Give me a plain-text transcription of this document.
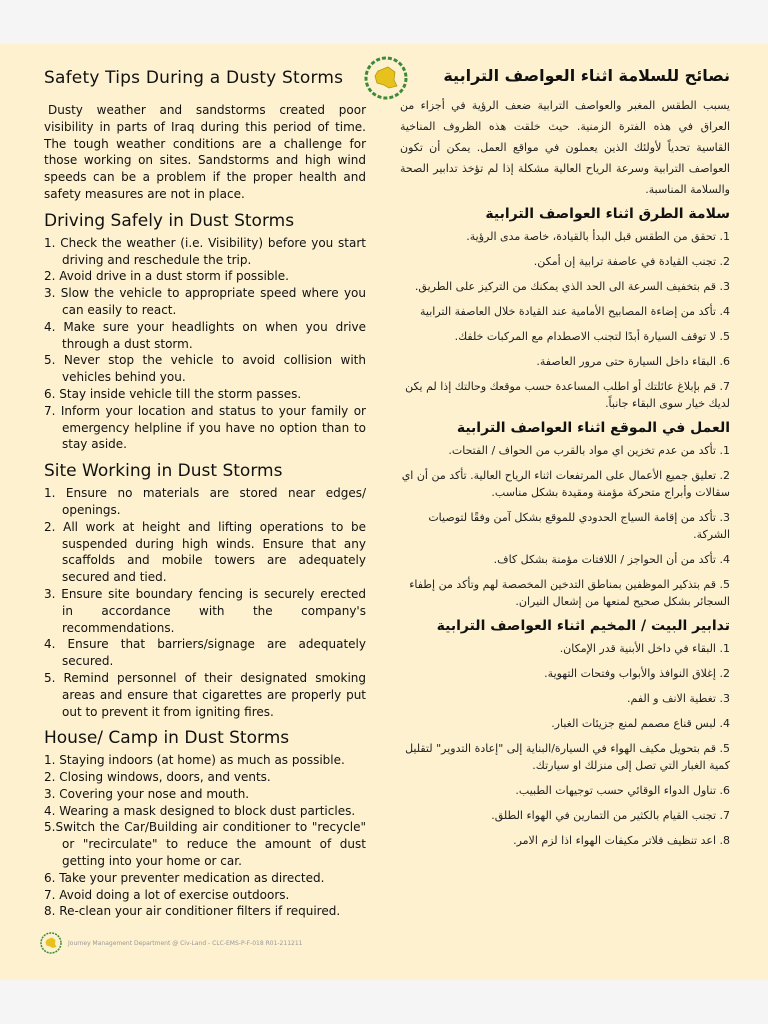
Safety Tips During a Dusty Storms

Dusty weather and sandstorms created poor visibility in parts of Iraq during this period of time. The tough weather conditions are a challenge for those working on sites. Sandstorms and high wind speeds can be a problem if the proper health and safety measures are not in place.

Driving Safely in Dust Storms
1. Check the weather (i.e. Visibility) before you start driving and reschedule the trip.
2. Avoid drive in a dust storm if possible.
3. Slow the vehicle to appropriate speed where you can easily to react.
4. Make sure your headlights on when you drive through a dust storm.
5. Never stop the vehicle to avoid collision with vehicles behind you.
6. Stay inside vehicle till the storm passes.
7. Inform your location and status to your family or emergency helpline if you have no option than to stay aside.
Site Working in Dust Storms
1. Ensure no materials are stored near edges/ openings.
2. All work at height and lifting operations to be suspended during high winds. Ensure that any scaffolds and mobile towers are adequately secured and tied.
3. Ensure site boundary fencing is securely erected in accordance with the company's recommendations.
4. Ensure that barriers/signage are adequately secured.
5. Remind personnel of their designated smoking areas and ensure that cigarettes are properly put out to prevent it from igniting fires.
House/ Camp in Dust Storms
1. Staying indoors (at home) as much as possible.
2. Closing windows, doors, and vents.
3. Covering your nose and mouth.
4. Wearing a mask designed to block dust particles.
5.Switch the Car/Building air conditioner to "recycle" or "recirculate" to reduce the amount of dust getting into your home or car.
6. Take your preventer medication as directed.
7. Avoid doing a lot of exercise outdoors.
8. Re-clean your air conditioner filters if required.
نصائح للسلامة اثناء العواصف الترابية

يسبب الطقس المغبر والعواصف الترابية ضعف الرؤية في أجزاء من العراق في هذه الفترة الزمنية. حيث خلقت هذه الظروف المناخية القاسية تحدياً لأولئك الذين يعملون في مواقع العمل. يمكن أن تكون العواصف الترابية وسرعة الرياح العالية مشكلة إذا لم تؤخذ تدابير الصحة والسلامة المناسبة.

سلامة الطرق اثناء العواصف الترابية
1. تحقق من الطقس قبل البدأ بالقيادة، خاصة مدى الرؤية.
2. تجنب القيادة في عاصفة ترابية إن أمكن.
3. قم بتخفيف السرعة الى الحد الذي يمكنك من التركيز على الطريق.
4. تأكد من إضاءة المصابيح الأمامية عند القيادة خلال العاصفة الترابية
5. لا توقف السيارة أبدًا لتجنب الاصطدام مع المركبات خلفك.
6. البقاء داخل السيارة حتى مرور العاصفة.
7. قم بإبلاغ عائلتك أو اطلب المساعدة حسب موقعك وحالتك إذا لم يكن لديك خيار سوى البقاء جانباً.
العمل في الموقع اثناء العواصف الترابية
1. تأكد من عدم تخزين اي مواد بالقرب من الحواف / الفتحات.
2. تعليق جميع الأعمال على المرتفعات اثناء الرياح العالية. تأكد من أن اي سقالات وأبراج متحركة مؤمنة ومقيدة بشكل مناسب.
3. تأكد من إقامة السياج الحدودي للموقع بشكل آمن وفقًا لتوصيات الشركة.
4. تأكد من أن الحواجز / اللافتات مؤمنة بشكل كاف.
5. قم بتذكير الموظفين بمناطق التدخين المخصصة لهم وتأكد من إطفاء السجائر بشكل صحيح لمنعها من إشعال النيران.
تدابير البيت / المخيم اثناء العواصف الترابية
1. البقاء في داخل الأبنية قدر الإمكان.
2. إغلاق النوافذ والأبواب وفتحات التهوية.
3. تغطية الانف و الفم.
4. لبس قناع مصمم لمنع جزيئات الغبار.
5. قم بتحويل مكيف الهواء في السيارة/البناية إلى "إعادة التدوير" لتقليل كمية الغبار التي تصل إلى منزلك او سيارتك.
6. تناول الدواء الوقائي حسب توجيهات الطبيب.
7. تجنب القيام بالكثير من التمارين في الهواء الطلق.
8. اعد تنظيف فلاتر مكيفات الهواء اذا لزم الامر.
Journey Management Department @ Civ-Land - CLC-EMS-P-F-018 R01-211211
